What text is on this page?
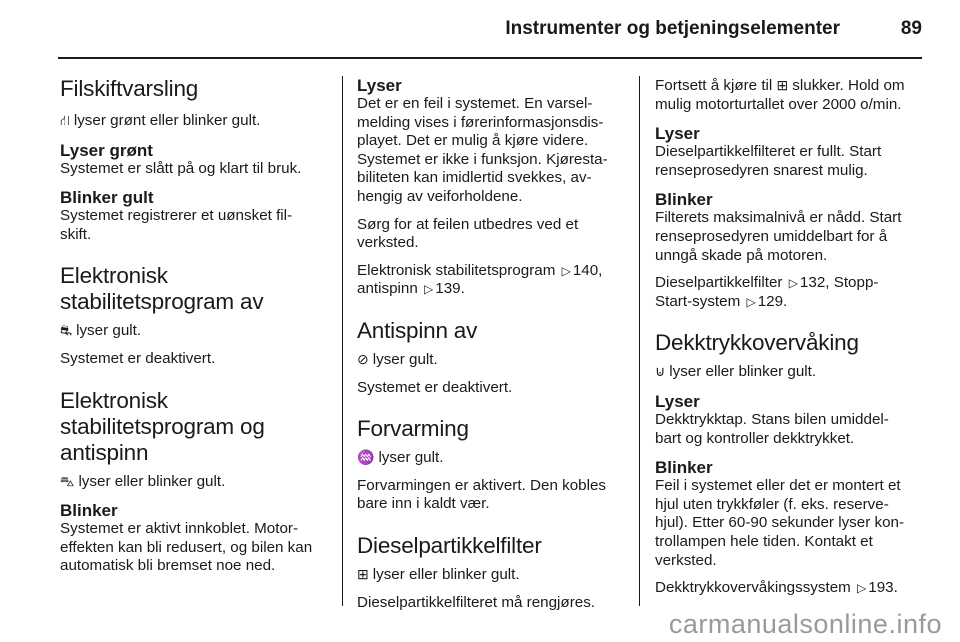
Instrumenter og betjeningselementer	89
Filskiftvarsling

⛙ lyser grønt eller blinker gult.

Lyser grønt

Systemet er slått på og klart til bruk.

Blinker gult

Systemet registrerer et uønsket fil-

skift.

Elektronisk
stabilitetsprogram av

⛐ lyser gult.

Systemet er deaktivert.

Elektronisk
stabilitetsprogram og
antispinn

⛍ lyser eller blinker gult.

Blinker

Systemet er aktivt innkoblet. Motor-

effekten kan bli redusert, og bilen kan

automatisk bli bremset noe ned.

Lyser

Det er en feil i systemet. En varsel-

melding vises i førerinformasjonsdis-

playet. Det er mulig å kjøre videre.

Systemet er ikke i funksjon. Kjøresta-

biliteten kan imidlertid svekkes, av-

hengig av veiforholdene.

Sørg for at feilen utbedres ved et

verksted.

Elektronisk stabilitetsprogram ▷ 140,

antispinn ▷ 139.

Antispinn av

⊘ lyser gult.

Systemet er deaktivert.

Forvarming

♒ lyser gult.

Forvarmingen er aktivert. Den kobles

bare inn i kaldt vær.

Dieselpartikkelfilter

⊞ lyser eller blinker gult.

Dieselpartikkelfilteret må rengjøres.

Fortsett å kjøre til ⊞ slukker. Hold om

mulig motorturtallet over 2000 o/min.

Lyser

Dieselpartikkelfilteret er fullt. Start

renseprosedyren snarest mulig.

Blinker

Filterets maksimalnivå er nådd. Start

renseprosedyren umiddelbart for å

unngå skade på motoren.

Dieselpartikkelfilter ▷ 132, Stopp-

Start-system ▷ 129.

Dekktrykkovervåking

⊍ lyser eller blinker gult.

Lyser

Dekktrykktap. Stans bilen umiddel-

bart og kontroller dekktrykket.

Blinker

Feil i systemet eller det er montert et

hjul uten trykkføler (f. eks. reserve-

hjul). Etter 60-90 sekunder lyser kon-

trollampen hele tiden. Kontakt et

verksted.

Dekktrykkovervåkingssystem ▷ 193.

carmanualsonline.info
